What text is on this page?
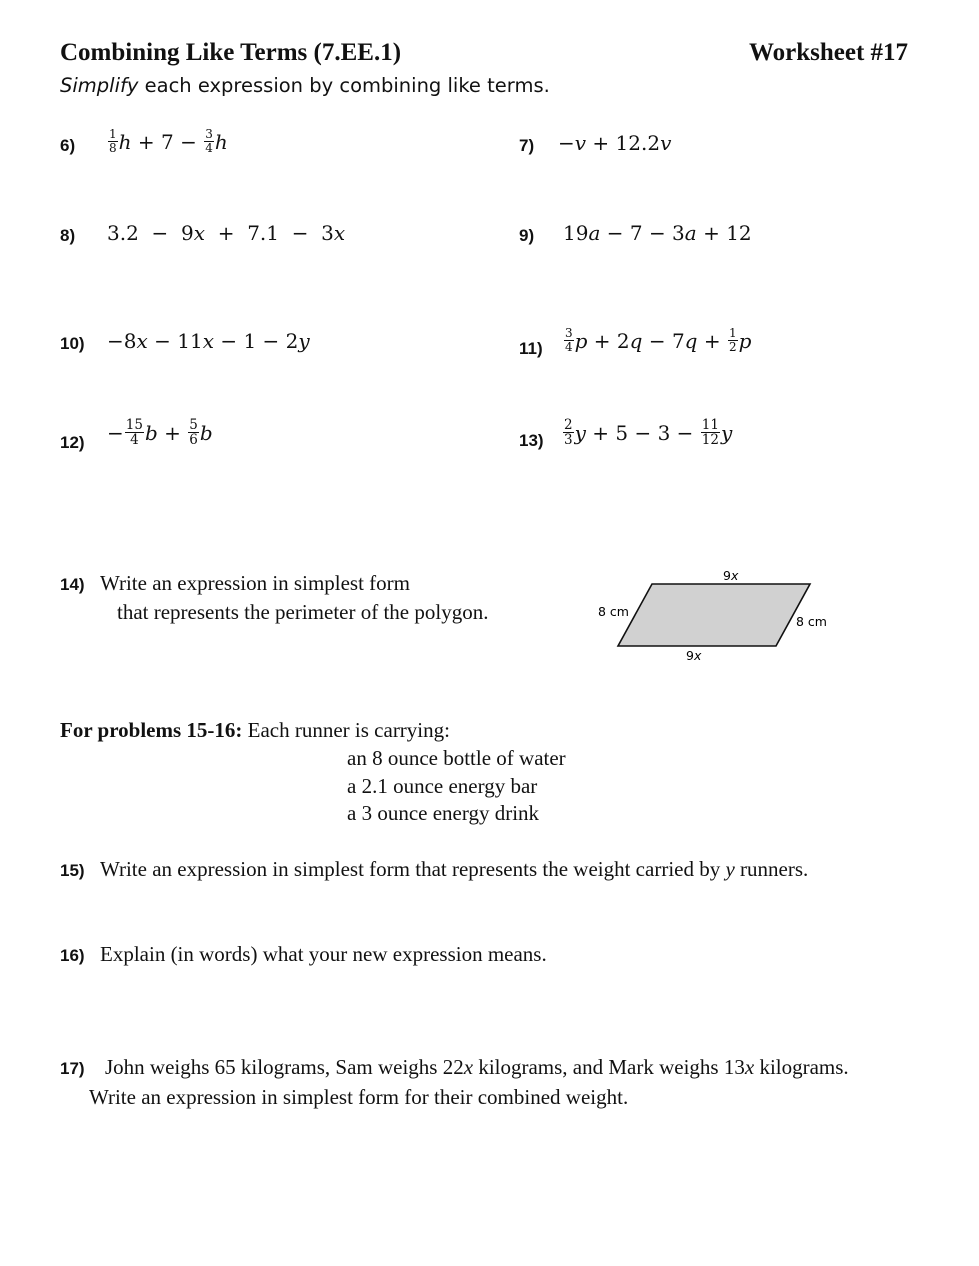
Combining Like Terms (7.EE.1)	Worksheet #17
Simplify each expression by combining like terms.
6)	$\frac{1}{8}$ $h + 7 - \frac{3}{4}$ h	7) −v + 12.2v
8) 3.2  −  9x  +  7.1  −  3x	9) 19a − 7 − 3a + 12
10) −8x − 11x − 1 − 2y	$11) \frac{3}{4}$ $p + 2q - 7q + \frac{1}{2}$ p
$12) - \frac{15}{4}$ $b + \frac{5}{6}$ b	$13) \frac{2}{3}$ $y + 5 - 3 - \frac{11}{12}$ y
14) Write an expression in simplest form
that represents the perimeter of the polygon.
9x
9x
8 cm
8 cm
For problems 15-16: Each runner is carrying:
an 8 ounce bottle of water
a 2.1 ounce energy bar
a 3 ounce energy drink
15) Write an expression in simplest form that represents the weight carried by y runners.
16) Explain (in words) what your new expression means.
17) John weighs 65 kilograms, Sam weighs 22x kilograms, and Mark weighs 13x kilograms.
Write an expression in simplest form for their combined weight.
